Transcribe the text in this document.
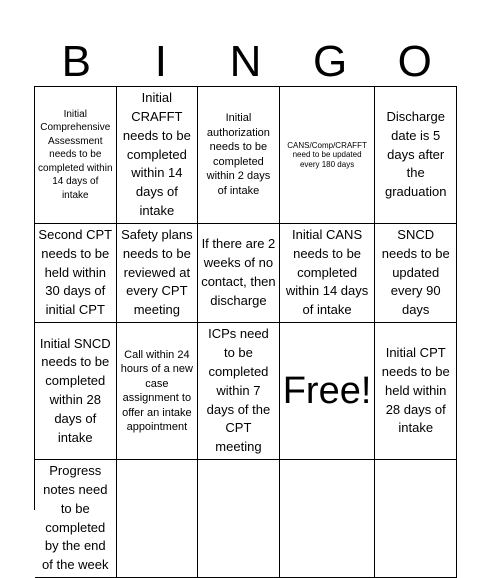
B	I	N	G	O
Initial Comprehensive Assessment needs to be completed within 14 days of intake
Initial CRAFFT needs to be completed within 14 days of intake
Initial authorization needs to be completed within 2 days of intake
CANS/Comp/CRAFFT need to be updated every 180 days
Discharge date is 5 days after the graduation
Second CPT needs to be held within 30 days of initial CPT
Safety plans needs to be reviewed at every CPT meeting
If there are 2 weeks of no contact, then discharge
Initial CANS needs to be completed within 14 days of intake
SNCD needs to be updated every 90 days
Initial SNCD needs to be completed within 28 days of intake
Call within 24 hours of a new case assignment to offer an intake appointment
ICPs need to be completed within 7 days of the CPT meeting
Free!
Initial CPT needs to be held within 28 days of intake
Progress notes need to be completed by the end of the week
